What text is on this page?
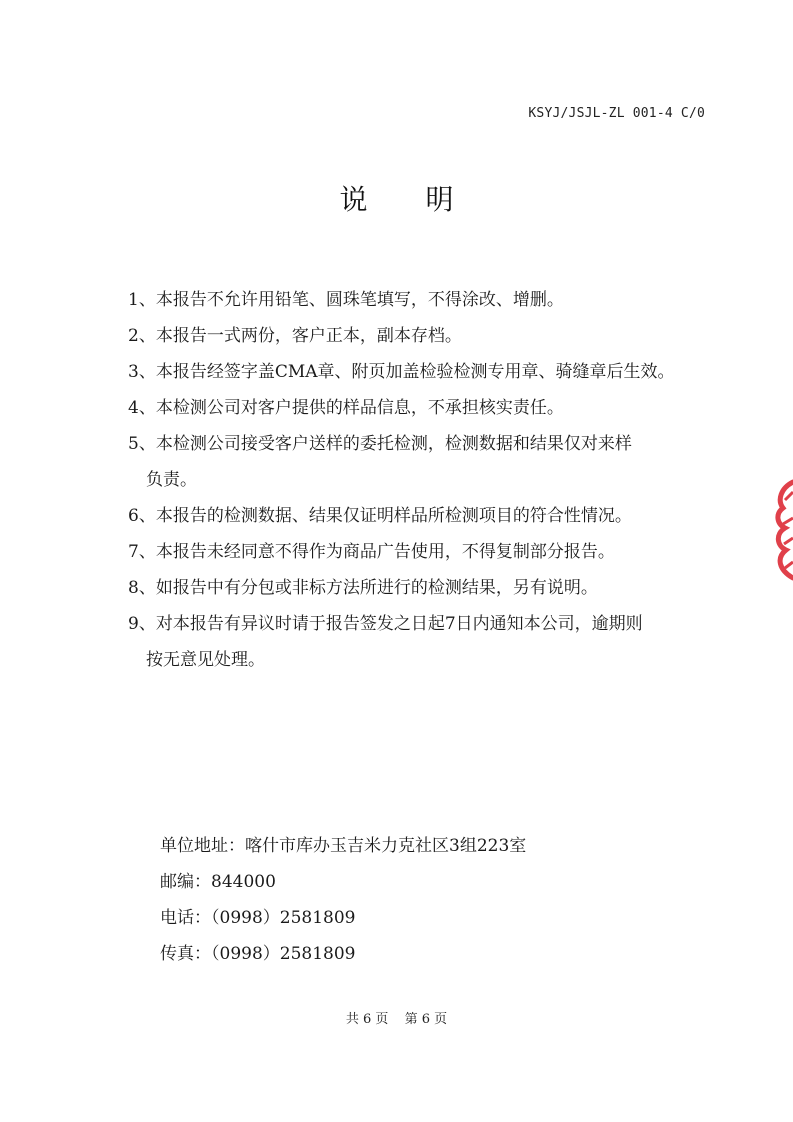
KSYJ/JSJL-ZL 001-4 C/0
说明
1、本报告不允许用铅笔、圆珠笔填写，不得涂改、增删。
2、本报告一式两份，客户正本，副本存档。
3、本报告经签字盖CMA章、附页加盖检验检测专用章、骑缝章后生效。
4、本检测公司对客户提供的样品信息，不承担核实责任。
5、本检测公司接受客户送样的委托检测，检测数据和结果仅对来样
负责。
6、本报告的检测数据、结果仅证明样品所检测项目的符合性情况。
7、本报告未经同意不得作为商品广告使用，不得复制部分报告。
8、如报告中有分包或非标方法所进行的检测结果，另有说明。
9、对本报告有异议时请于报告签发之日起7日内通知本公司，逾期则
按无意见处理。
单位地址：喀什市库办玉吉米力克社区3组223室
邮编：844000
电话：（0998）2581809
传真：（0998）2581809
共 6 页 第 6 页
